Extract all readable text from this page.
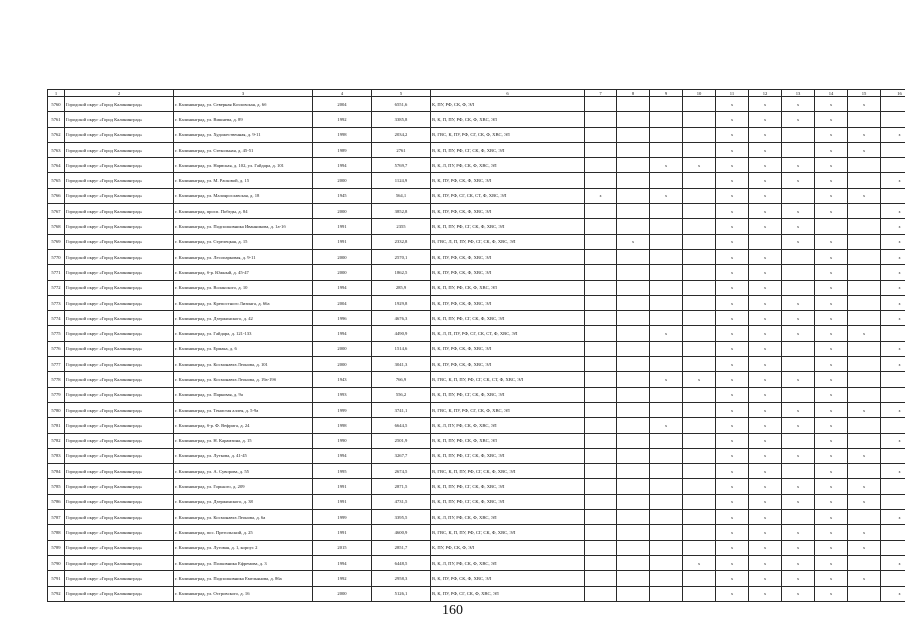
1	2	3	4	5	6	7	8	9	10	11	12	13	14	15	16
5760	Городской округ «Город Калининград»	г. Калининград, ул. Северная Козловская, д. 6б	2004	6551,6	К, ПУ, РФ, СК, Ф, ЭЛ					х	х	х	х	х	
5761	Городской округ «Город Калининград»	г. Калининград, ул. Вишнева, д. 89	1992	3385,8	В, К, П, ПУ, РФ, СК, Ф, ХВС, ЭЛ					х	х	х	х		
5762	Городской округ «Город Калининград»	г. Калининград, ул. Художественная, д. 9-11	1998	2034,2	В, ГВС, К, ПУ, РФ, СГ, СК, Ф, ХВС, ЭЛ					х	х		х	х	х
5763	Городской округ «Город Калининград»	г. Калининград, ул. Стекольная, д. 45-51	1989	2761	В, К, П, ПУ, РФ, СГ, СК, Ф, ХВС, ЭЛ					х	х		х	х	
5764	Городской округ «Город Калининград»	г. Калининград, ул. Нарвская, д. 102, ул. Гайдара, д. 101	1994	5769,7	В, К, Л, ПУ, РФ, СК, Ф, ХВС, ЭЛ			х	х	х	х	х	х		
5765	Городской округ «Город Калининград»	г. Калининград, ул. М. Расковой, д. 15	2000	1124,9	В, К, ПУ, РФ, СК, Ф, ХВС, ЭЛ					х	х	х	х		х
5766	Городской округ «Город Калининград»	г. Калининград, ул. Малоярославская, д. 18	1945	564,1	В, К, ПУ, РФ, СГ, СК, СТ, Ф, ХВС, ЭЛ	х		х		х	х		х	х	
5767	Городской округ «Город Калининград»	г. Калининград, просп. Победы, д. 84	2000	3852,8	В, К, ПУ, РФ, СК, Ф, ХВС, ЭЛ					х	х	х	х		х
5768	Городской округ «Город Калининград»	г. Калининград, ул. Подполковника Иванникова, д. 1а-1б	1991	2355	В, К, П, ПУ, РФ, СГ, СК, Ф, ХВС, ЭЛ					х	х	х			х
5769	Городской округ «Город Калининград»	г. Калининград, ул. Стрелецкая, д. 15	1991	2332,8	В, ГВС, Л, П, ПУ, РФ, СГ, СК, Ф, ХВС, ЭЛ		х			х		х	х		х
5770	Городской округ «Город Калининград»	г. Калининград, ул. Лесопарковая, д. 9-11	2000	2570,1	В, К, ПУ, РФ, СК, Ф, ХВС, ЭЛ					х	х		х		х
5771	Городской округ «Город Калининград»	г. Калининград, б-р. Южный, д. 45-47	2000	1862,5	В, К, ПУ, РФ, СК, Ф, ХВС, ЭЛ					х	х		х		х
5772	Городской округ «Город Калининград»	г. Калининград, ул. Воланского, д. 10	1994	285,9	В, К, П, ПУ, РФ, СК, Ф, ХВС, ЭЛ					х	х		х		х
5773	Городской округ «Город Калининград»	г. Калининград, ул. Крепостного Лизинга, д. 66а	2004	1929,8	В, К, ПУ, РФ, СК, Ф, ХВС, ЭЛ					х	х	х	х		х
5774	Городской округ «Город Калининград»	г. Калининград, ул. Дзержинского, д. 42	1996	4676,3	В, К, П, ПУ, РФ, СГ, СК, Ф, ХВС, ЭЛ					х	х	х	х		х
5775	Городской округ «Город Калининград»	г. Калининград, ул. Гайдара, д. 121-133	1994	4490,9	В, К, Л, П, ПУ, РФ, СГ, СК, СТ, Ф, ХВС, ЭЛ			х		х	х	х	х	х	
5776	Городской округ «Город Калининград»	г. Калининград, ул. Ермака, д. 6	2000	1514,6	В, К, ПУ, РФ, СК, Ф, ХВС, ЭЛ					х	х		х		х
5777	Городской округ «Город Калининград»	г. Калининград, ул. Космонавта Леонова, д. 101	2000	3041,3	В, К, ПУ, РФ, СК, Ф, ХВС, ЭЛ					х	х		х		х
5778	Городской округ «Город Калининград»	г. Калининград, ул. Космонавта Леонова, д. 19а-19б	1943	766,9	В, ГВС, К, П, ПУ, РФ, СГ, СК, СТ, Ф, ХВС, ЭЛ			х	х	х	х	х	х		
5779	Городской округ «Город Калининград»	г. Калининград, ул. Парковая, д. 9а	1993	556,2	В, К, П, ПУ, РФ, СГ, СК, Ф, ХВС, ЭЛ					х	х		х		
5780	Городской округ «Город Калининград»	г. Калининград, ул. Тенистая аллея, д. 5-9а	1999	3741,1	В, ГВС, К, ПУ, РФ, СГ, СК, Ф, ХВС, ЭЛ					х	х	х	х	х	х
5781	Городской округ «Город Калининград»	г. Калининград, б-р. Ф. Вефрига, д. 24	1998	6644,5	В, К, Л, ПУ, РФ, СК, Ф, ХВС, ЭЛ			х		х	х	х	х		
5782	Городской округ «Город Калининград»	г. Калининград, ул. Н. Карамзина, д. 15	1990	2501,9	В, К, П, ПУ, РФ, СК, Ф, ХВС, ЭЛ					х	х		х		х
5783	Городской округ «Город Калининград»	г. Калининград, ул. Луткова, д. 41-45	1994	3267,7	В, К, П, ПУ, РФ, СГ, СК, Ф, ХВС, ЭЛ					х	х	х	х	х	
5784	Городской округ «Город Калининград»	г. Калининград, ул. А. Суворова, д. 55	1995	2674,5	В, ГВС, К, П, ПУ, РФ, СГ, СК, Ф, ХВС, ЭЛ					х	х		х		х
5785	Городской округ «Город Калининград»	г. Калининград, ул. Горького, д. 209	1991	2871,5	В, К, П, ПУ, РФ, СГ, СК, Ф, ХВС, ЭЛ					х	х	х	х	х	
5786	Городской округ «Город Калининград»	г. Калининград, ул. Дзержинского, д. 38	1991	4731,5	В, К, П, ПУ, РФ, СГ, СК, Ф, ХВС, ЭЛ					х	х	х	х	х	
5787	Городской округ «Город Калининград»	г. Калининград, ул. Космонавта Леонова, д. 6а	1999	3395,5	В, К, Л, ПУ, РФ, СК, Ф, ХВС, ЭЛ					х	х		х		х
5788	Городской округ «Город Калининград»	г. Калининград, пос. Прегольский, д. 25	1991	4600,9	В, ГВС, К, П, ПУ, РФ, СГ, СК, Ф, ХВС, ЭЛ					х	х	х	х	х	
5789	Городской округ «Город Калининград»	г. Калининград, ул. Луговая, д. 1, корпус 2	2015	2851,7	К, ПУ, РФ, СК, Ф, ЭЛ					х	х	х	х	х	
5790	Городской округ «Город Калининград»	г. Калининград, ул. Полковника Ефремова, д. 3	1994	6448,5	В, К, Л, ПУ, РФ, СК, Ф, ХВС, ЭЛ				х	х	х	х	х		х
5791	Городской округ «Город Калининград»	г. Калининград, ул. Подполковника Емельянова, д. 86а	1992	2958,3	В, К, ПУ, РФ, СК, Ф, ХВС, ЭЛ					х	х	х	х	х	
5792	Городской округ «Город Калининград»	г. Калининград, ул. Островского, д. 16	2000	5126,1	В, К, ПУ, РФ, СГ, СК, Ф, ХВС, ЭЛ					х	х	х	х		х
160
